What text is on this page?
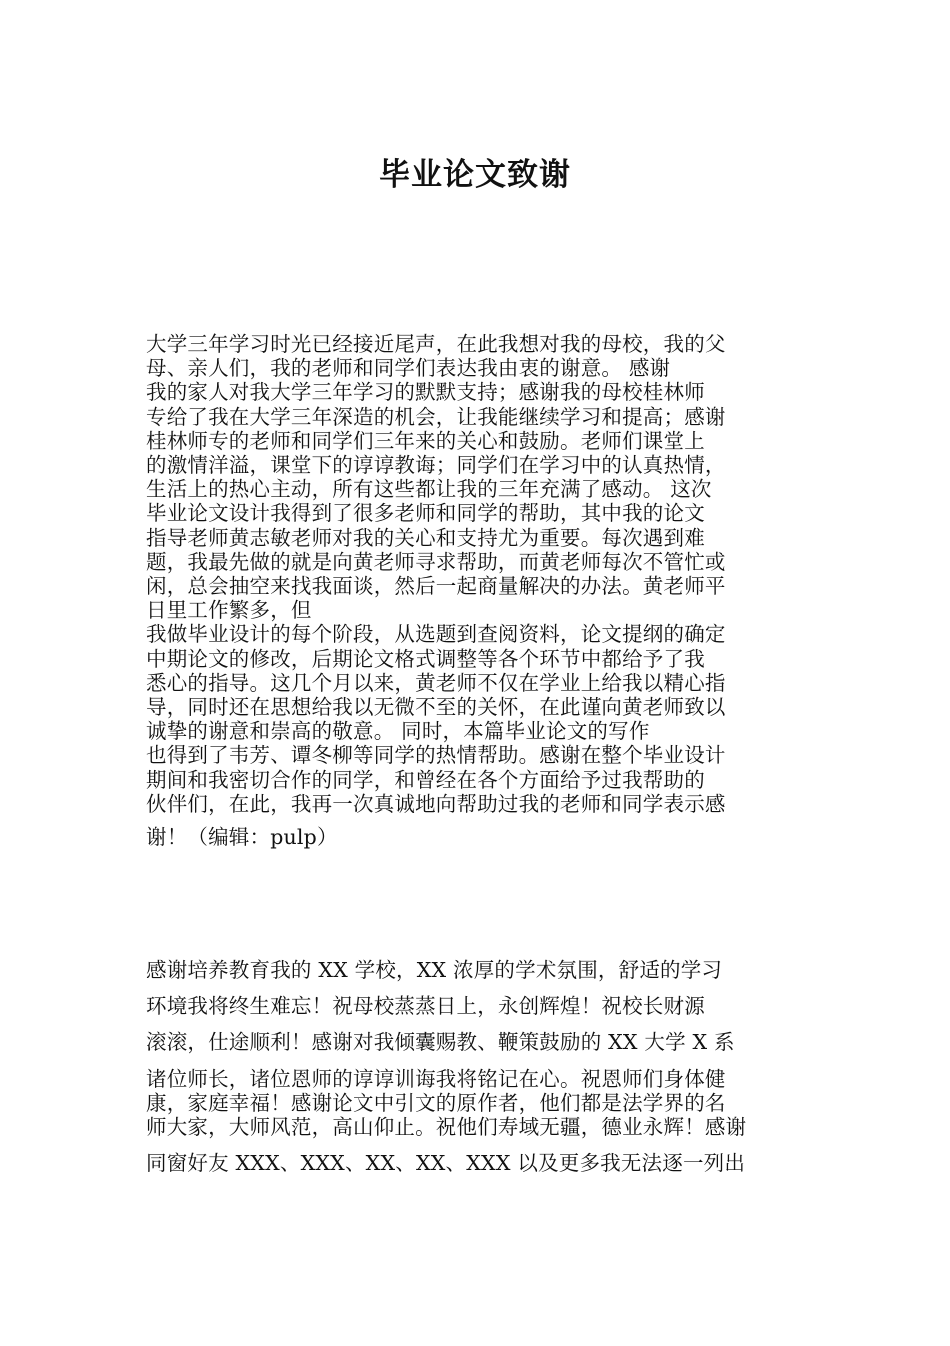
毕业论文致谢
大学三年学习时光已经接近尾声，在此我想对我的母校，我的父
母、亲人们，我的老师和同学们表达我由衷的谢意。 感谢
我的家人对我大学三年学习的默默支持；感谢我的母校桂林师
专给了我在大学三年深造的机会，让我能继续学习和提高；感谢
桂林师专的老师和同学们三年来的关心和鼓励。老师们课堂上
的激情洋溢，课堂下的谆谆教诲；同学们在学习中的认真热情，
生活上的热心主动，所有这些都让我的三年充满了感动。 这次
毕业论文设计我得到了很多老师和同学的帮助，其中我的论文
指导老师黄志敏老师对我的关心和支持尤为重要。每次遇到难
题，我最先做的就是向黄老师寻求帮助，而黄老师每次不管忙或
闲，总会抽空来找我面谈，然后一起商量解决的办法。黄老师平
日里工作繁多，但
我做毕业设计的每个阶段，从选题到查阅资料，论文提纲的确定
中期论文的修改，后期论文格式调整等各个环节中都给予了我
悉心的指导。这几个月以来，黄老师不仅在学业上给我以精心指
导，同时还在思想给我以无微不至的关怀，在此谨向黄老师致以
诚挚的谢意和崇高的敬意。 同时，本篇毕业论文的写作
也得到了韦芳、谭冬柳等同学的热情帮助。感谢在整个毕业设计
期间和我密切合作的同学，和曾经在各个方面给予过我帮助的
伙伴们，在此，我再一次真诚地向帮助过我的老师和同学表示感
谢！（编辑：pulp）
感谢培养教育我的 XX 学校，XX 浓厚的学术氛围，舒适的学习
环境我将终生难忘！祝母校蒸蒸日上，永创辉煌！祝校长财源
滚滚，仕途顺利！感谢对我倾囊赐教、鞭策鼓励的 XX 大学 X 系
诸位师长，诸位恩师的谆谆训诲我将铭记在心。祝恩师们身体健
康，家庭幸福！感谢论文中引文的原作者，他们都是法学界的名
师大家，大师风范，高山仰止。祝他们寿域无疆，德业永辉！感谢
同窗好友 XXX、XXX、XX、XX、XXX 以及更多我无法逐一列出
